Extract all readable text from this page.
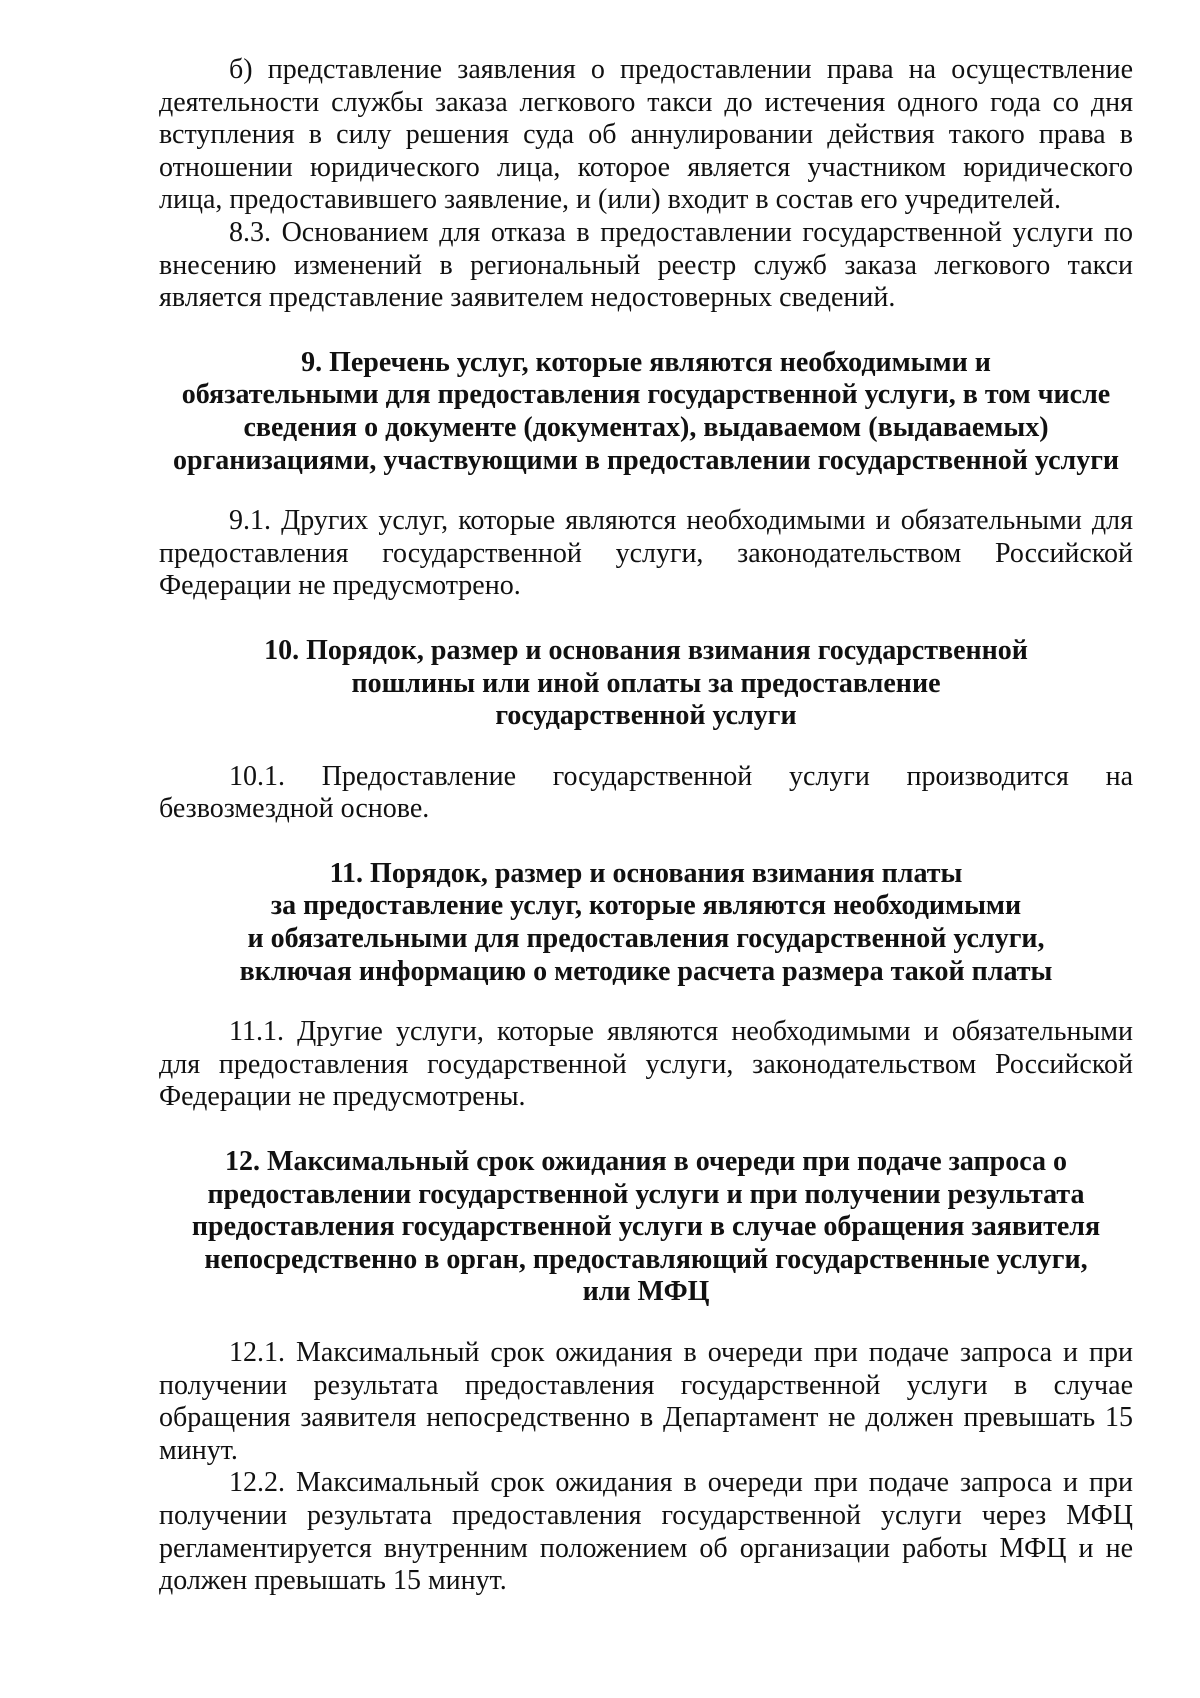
б) представление заявления о предоставлении права на осуществление деятельности службы заказа легкового такси до истечения одного года со дня вступления в силу решения суда об аннулировании действия такого права в отношении юридического лица, которое является участником юридического лица, предоставившего заявление, и (или) входит в состав его учредителей.

8.3. Основанием для отказа в предоставлении государственной услуги по внесению изменений в региональный реестр служб заказа легкового такси является представление заявителем недостоверных сведений.

9. Перечень услуг, которые являются необходимыми и
обязательными для предоставления государственной услуги, в том числе
сведения о документе (документах), выдаваемом (выдаваемых)
организациями, участвующими в предоставлении государственной услуги

9.1. Других услуг, которые являются необходимыми и обязательными для предоставления государственной услуги, законодательством Российской Федерации не предусмотрено.

10. Порядок, размер и основания взимания государственной
пошлины или иной оплаты за предоставление
государственной услуги

10.1. Предоставление государственной услуги производится на безвозмездной основе.

11. Порядок, размер и основания взимания платы
за предоставление услуг, которые являются необходимыми
и обязательными для предоставления государственной услуги,
включая информацию о методике расчета размера такой платы

11.1. Другие услуги, которые являются необходимыми и обязательными для предоставления государственной услуги, законодательством Российской Федерации не предусмотрены.

12. Максимальный срок ожидания в очереди при подаче запроса о
предоставлении государственной услуги и при получении результата
предоставления государственной услуги в случае обращения заявителя
непосредственно в орган, предоставляющий государственные услуги,
или МФЦ

12.1. Максимальный срок ожидания в очереди при подаче запроса и при получении результата предоставления государственной услуги в случае обращения заявителя непосредственно в Департамент не должен превышать 15 минут.

12.2. Максимальный срок ожидания в очереди при подаче запроса и при получении результата предоставления государственной услуги через МФЦ регламентируется внутренним положением об организации работы МФЦ и не должен превышать 15 минут.
